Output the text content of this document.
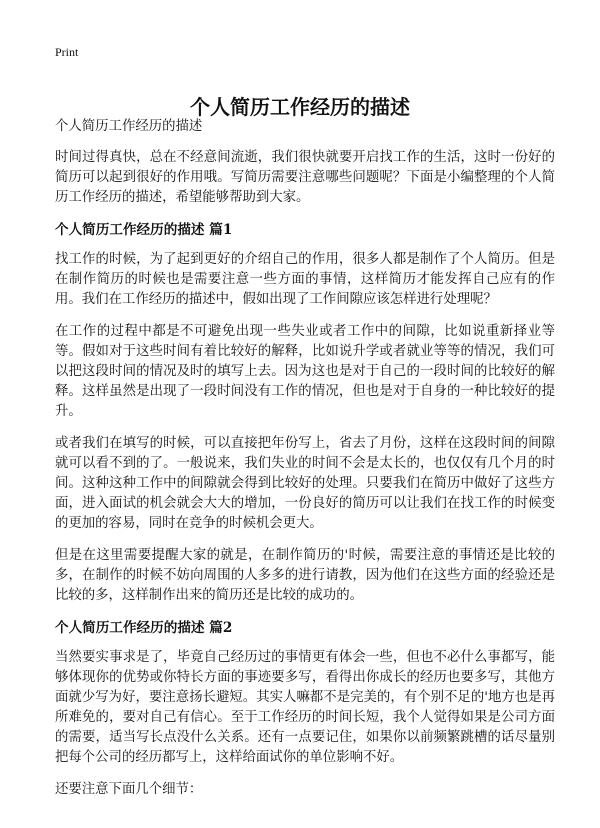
Print
个人简历工作经历的描述

个人简历工作经历的描述

时间过得真快，总在不经意间流逝，我们很快就要开启找工作的生活，这时一份好的简历可以起到很好的作用哦。写简历需要注意哪些问题呢？下面是小编整理的个人简历工作经历的描述，希望能够帮助到大家。

个人简历工作经历的描述 篇1

找工作的时候，为了起到更好的介绍自己的作用，很多人都是制作了个人简历。但是在制作简历的时候也是需要注意一些方面的事情，这样简历才能发挥自己应有的作用。我们在工作经历的描述中，假如出现了工作间隙应该怎样进行处理呢？

在工作的过程中都是不可避免出现一些失业或者工作中的间隙，比如说重新择业等等。假如对于这些时间有着比较好的解释，比如说升学或者就业等等的情况，我们可以把这段时间的情况及时的填写上去。因为这也是对于自己的一段时间的比较好的解释。这样虽然是出现了一段时间没有工作的情况，但也是对于自身的一种比较好的提升。

或者我们在填写的时候，可以直接把年份写上，省去了月份，这样在这段时间的间隙就可以看不到的了。一般说来，我们失业的时间不会是太长的，也仅仅有几个月的时间。这种这种工作中的间隙就会得到比较好的处理。只要我们在简历中做好了这些方面，进入面试的机会就会大大的增加，一份良好的简历可以让我们在找工作的时候变的更加的容易，同时在竞争的时候机会更大。

但是在这里需要提醒大家的就是，在制作简历的'时候，需要注意的事情还是比较的多，在制作的时候不妨向周围的人多多的进行请教，因为他们在这些方面的经验还是比较的多，这样制作出来的简历还是比较的成功的。

个人简历工作经历的描述 篇2

当然要实事求是了，毕竟自己经历过的事情更有体会一些，但也不必什么事都写，能够体现你的优势或你特长方面的事迹要多写，看得出你成长的经历也要多写，其他方面就少写为好，要注意扬长避短。其实人嘛都不是完美的，有个别不足的'地方也是再所难免的，要对自己有信心。至于工作经历的时间长短，我个人觉得如果是公司方面的需要，适当写长点没什么关系。还有一点要记住，如果你以前频繁跳槽的话尽量别把每个公司的经历都写上，这样给面试你的单位影响不好。

还要注意下面几个细节：
